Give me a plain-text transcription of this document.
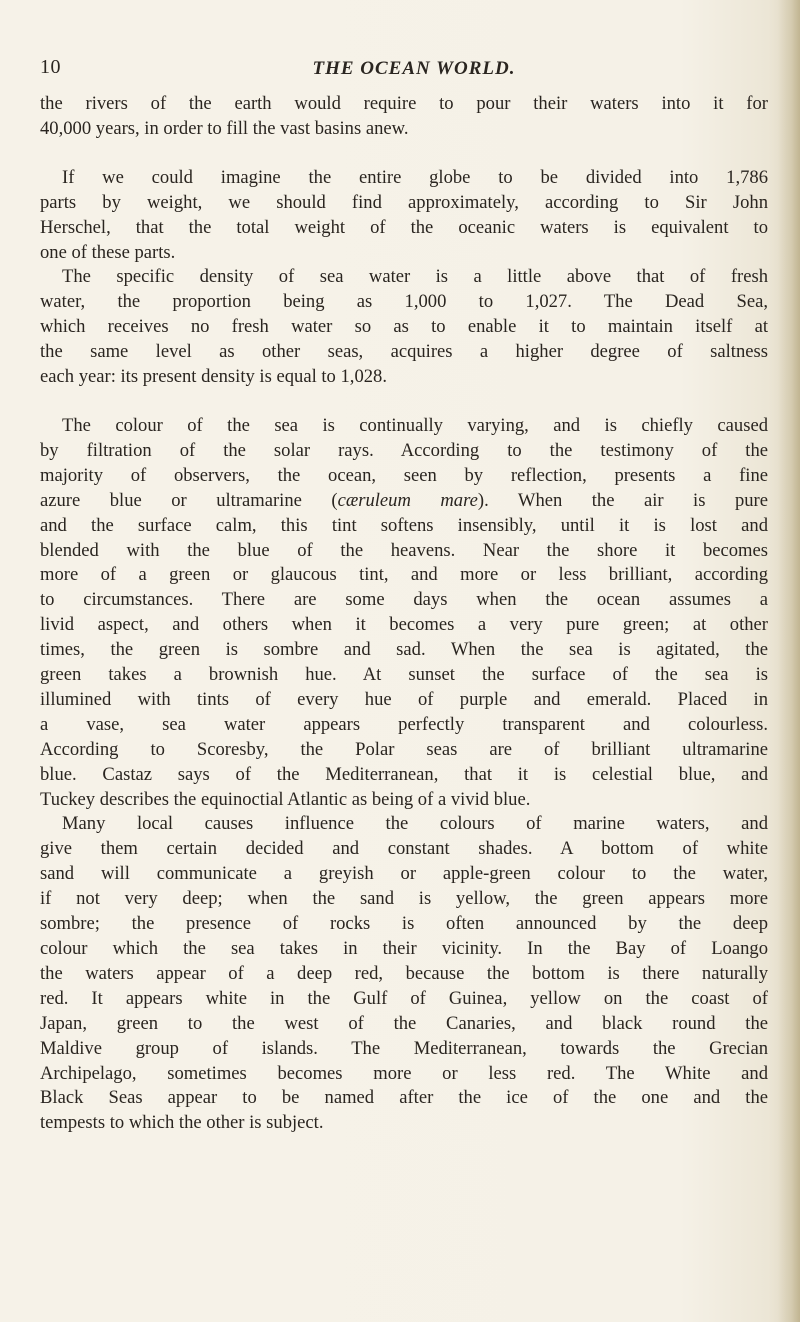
10	THE OCEAN WORLD.
the rivers of the earth would require to pour their waters into it for
40,000 years, in order to fill the vast basins anew.
If we could imagine the entire globe to be divided into 1,786
parts by weight, we should find approximately, according to Sir John
Herschel, that the total weight of the oceanic waters is equivalent to
one of these parts.
The specific density of sea water is a little above that of fresh
water, the proportion being as 1,000 to 1,027. The Dead Sea,
which receives no fresh water so as to enable it to maintain itself at
the same level as other seas, acquires a higher degree of saltness
each year: its present density is equal to 1,028.
The colour of the sea is continually varying, and is chiefly caused
by filtration of the solar rays. According to the testimony of the
majority of observers, the ocean, seen by reflection, presents a fine
azure blue or ultramarine (cæruleum mare). When the air is pure
and the surface calm, this tint softens insensibly, until it is lost and
blended with the blue of the heavens. Near the shore it becomes
more of a green or glaucous tint, and more or less brilliant, according
to circumstances. There are some days when the ocean assumes a
livid aspect, and others when it becomes a very pure green; at other
times, the green is sombre and sad. When the sea is agitated, the
green takes a brownish hue. At sunset the surface of the sea is
illumined with tints of every hue of purple and emerald. Placed in
a vase, sea water appears perfectly transparent and colourless.
According to Scoresby, the Polar seas are of brilliant ultramarine
blue. Castaz says of the Mediterranean, that it is celestial blue, and
Tuckey describes the equinoctial Atlantic as being of a vivid blue.
Many local causes influence the colours of marine waters, and
give them certain decided and constant shades. A bottom of white
sand will communicate a greyish or apple-green colour to the water,
if not very deep; when the sand is yellow, the green appears more
sombre; the presence of rocks is often announced by the deep
colour which the sea takes in their vicinity. In the Bay of Loango
the waters appear of a deep red, because the bottom is there naturally
red. It appears white in the Gulf of Guinea, yellow on the coast of
Japan, green to the west of the Canaries, and black round the
Maldive group of islands. The Mediterranean, towards the Grecian
Archipelago, sometimes becomes more or less red. The White and
Black Seas appear to be named after the ice of the one and the
tempests to which the other is subject.
